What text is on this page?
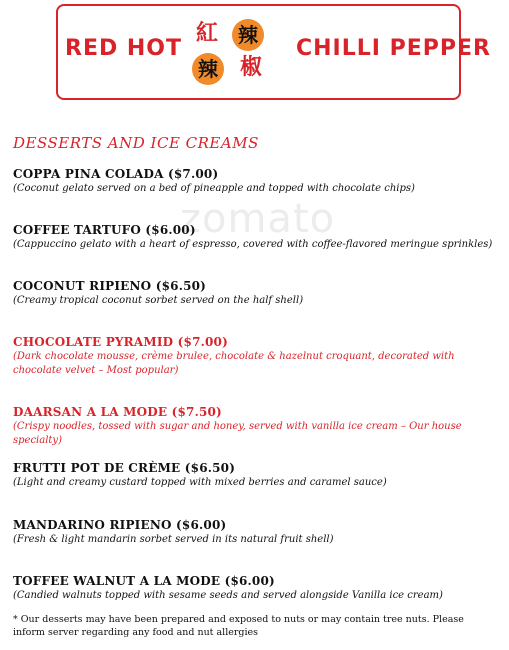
RED HOT
紅	辣
辣 椒
CHILLI PEPPER
zomato
DESSERTS AND ICE CREAMS
COPPA PINA COLADA ($7.00)
(Coconut gelato served on a bed of pineapple and topped with chocolate chips)
COFFEE TARTUFO ($6.00)
(Cappuccino gelato with a heart of espresso, covered with coffee-flavored meringue sprinkles)
COCONUT RIPIENO ($6.50)
(Creamy tropical coconut sorbet served on the half shell)
CHOCOLATE PYRAMID ($7.00)
(Dark chocolate mousse, crème brulee, chocolate & hazelnut croquant, decorated with chocolate velvet – Most popular)
DAARSAN A LA MODE ($7.50)
(Crispy noodles, tossed with sugar and honey, served with vanilla ice cream – Our house specialty)
FRUTTI POT DE CRÈME ($6.50)
(Light and creamy custard topped with mixed berries and caramel sauce)
MANDARINO RIPIENO ($6.00)
(Fresh & light mandarin sorbet served in its natural fruit shell)
TOFFEE WALNUT A LA MODE ($6.00)
(Candied walnuts topped with sesame seeds and served alongside Vanilla ice cream)
* Our desserts may have been prepared and exposed to nuts or may contain tree nuts. Please inform server regarding any food and nut allergies
